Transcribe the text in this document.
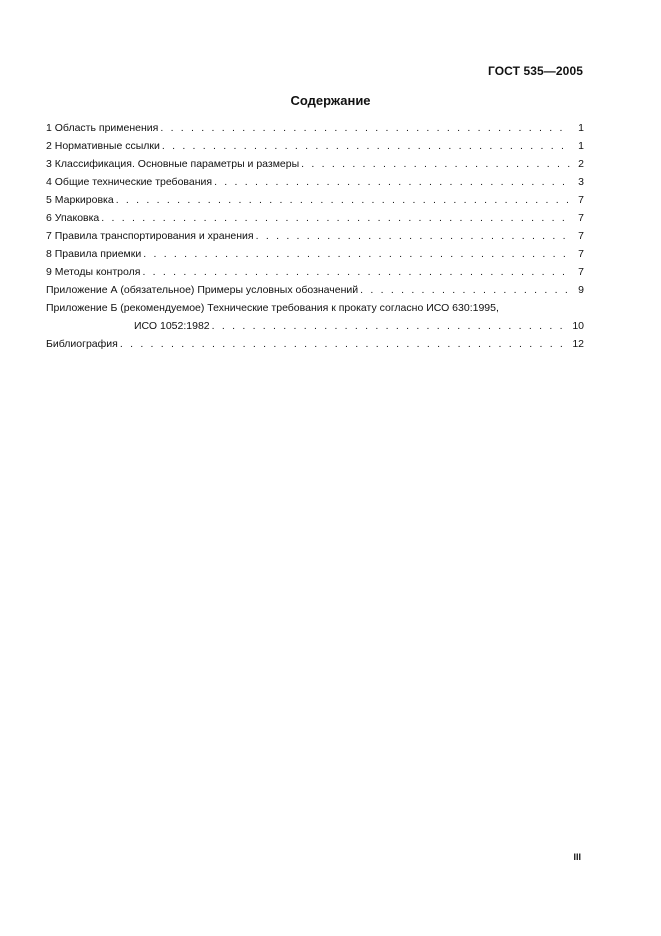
ГОСТ 535—2005
Содержание
1 Область применения . . .	1
2 Нормативные ссылки . . .	1
3 Классификация. Основные параметры и размеры . . .	2
4 Общие технические требования . . .	3
5 Маркировка . . .	7
6 Упаковка . . .	7
7 Правила транспортирования и хранения . . .	7
8 Правила приемки . . .	7
9 Методы контроля . . .	7
Приложение А (обязательное) Примеры условных обозначений . . .	9
Приложение Б (рекомендуемое) Технические требования к прокату согласно ИСО 630:1995,
ИСО 1052:1982 . . .	10
Библиография . . .	12
III
